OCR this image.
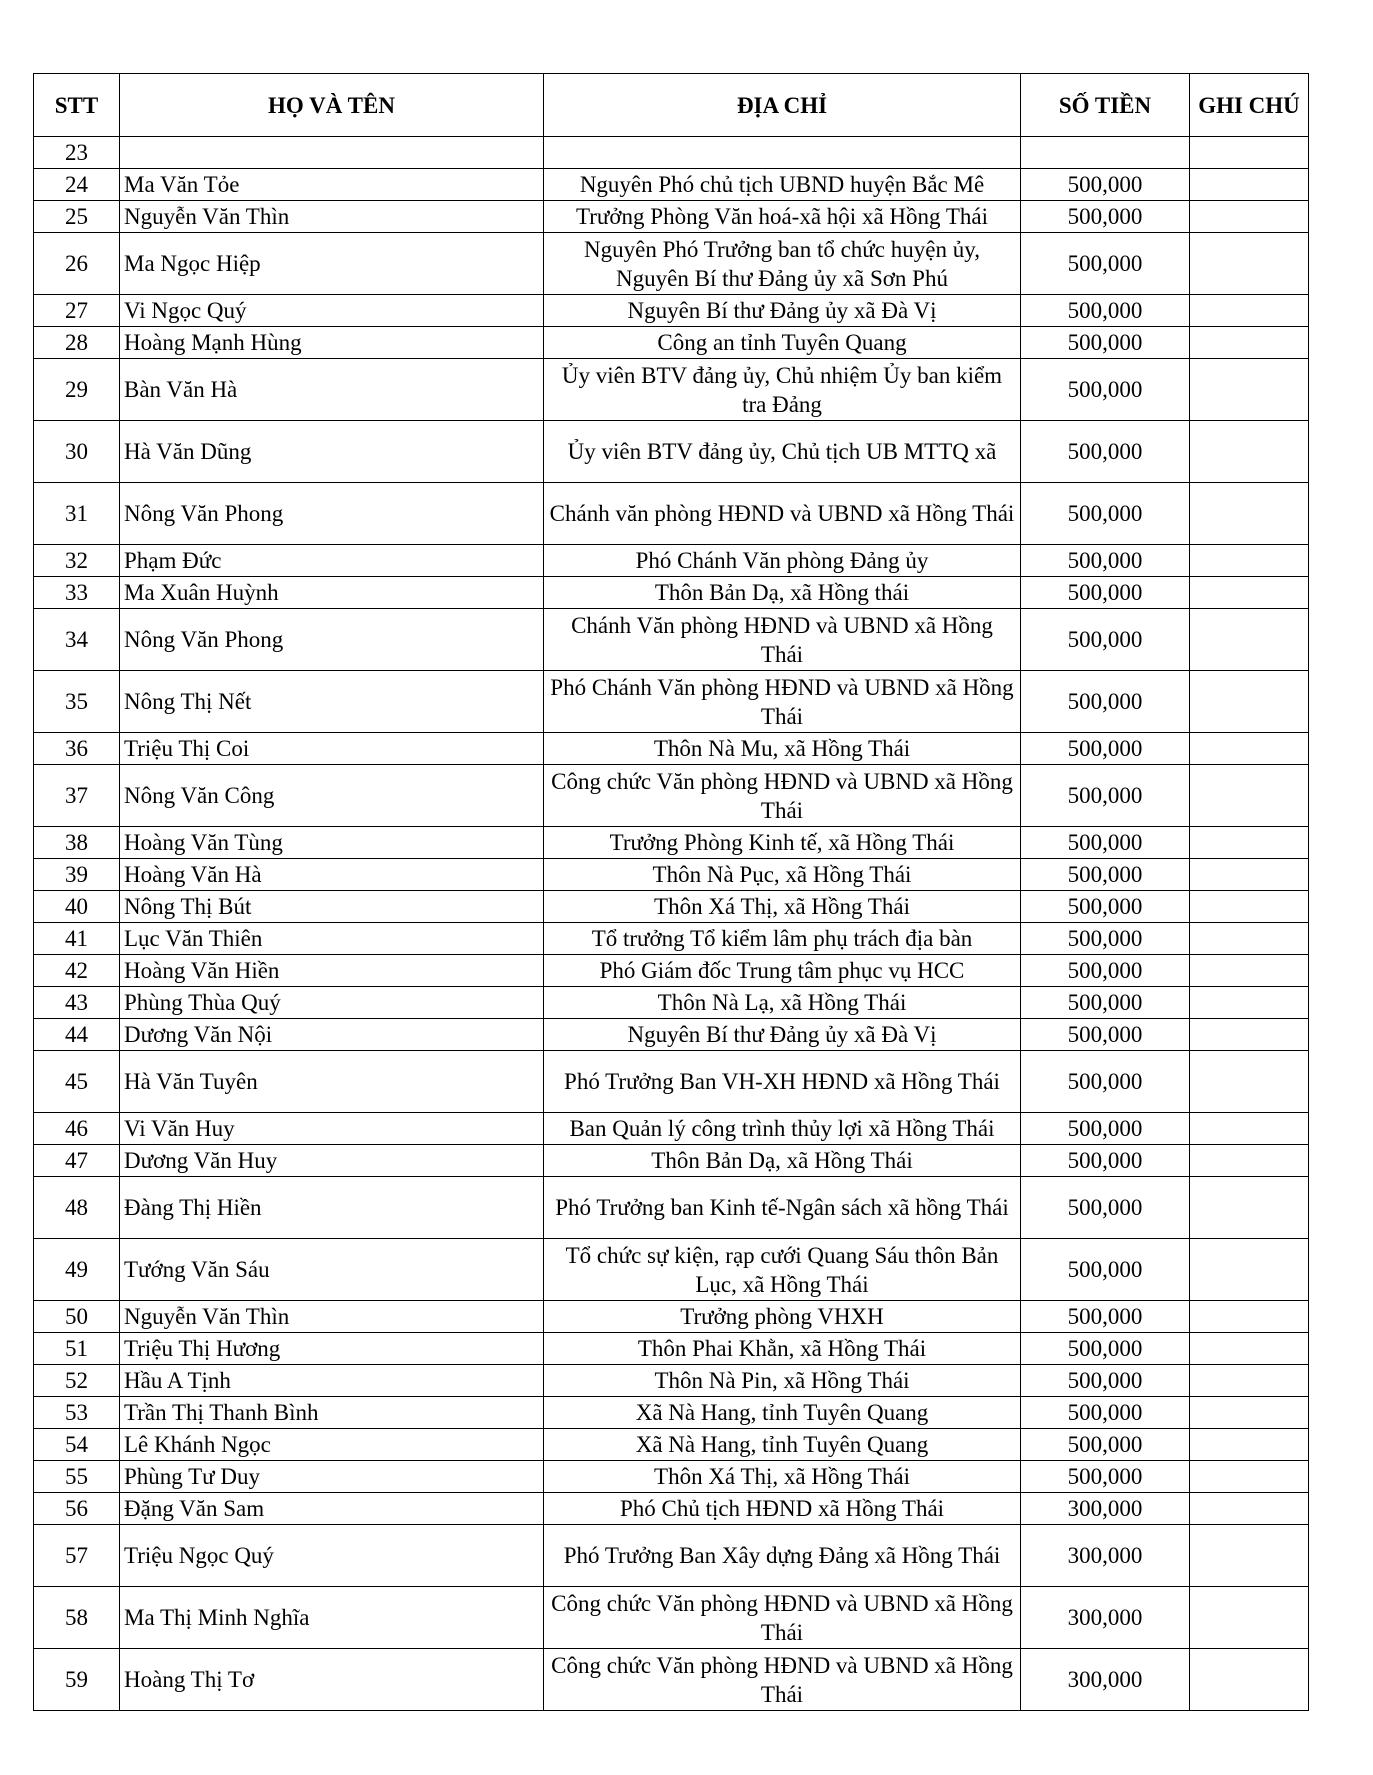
STT	HỌ VÀ TÊN	ĐỊA CHỈ	SỐ TIỀN	GHI CHÚ
23				
24	Ma Văn Tỏe	Nguyên Phó chủ tịch UBND huyện Bắc Mê	500,000	
25	Nguyễn Văn Thìn	Trưởng Phòng Văn hoá-xã hội xã Hồng Thái	500,000	
26	Ma Ngọc Hiệp	Nguyên Phó Trưởng ban tổ chức huyện ủy, Nguyên Bí thư Đảng ủy xã Sơn Phú	500,000	
27	Vi Ngọc Quý	Nguyên Bí thư Đảng ủy xã Đà Vị	500,000	
28	Hoàng Mạnh Hùng	Công an tỉnh Tuyên Quang	500,000	
29	Bàn Văn Hà	Ủy viên BTV đảng ủy, Chủ nhiệm Ủy ban kiểm tra Đảng	500,000	
30	Hà Văn Dũng	Ủy viên BTV đảng ủy, Chủ tịch UB MTTQ xã	500,000	
31	Nông Văn Phong	Chánh văn phòng HĐND và UBND xã Hồng Thái	500,000	
32	Phạm Đức	Phó Chánh Văn phòng Đảng ủy	500,000	
33	Ma Xuân Huỳnh	Thôn Bản Dạ, xã Hồng thái	500,000	
34	Nông Văn Phong	Chánh Văn phòng HĐND và UBND xã Hồng Thái	500,000	
35	Nông Thị Nết	Phó Chánh Văn phòng HĐND và UBND xã Hồng Thái	500,000	
36	Triệu Thị Coi	Thôn Nà Mu, xã Hồng Thái	500,000	
37	Nông Văn Công	Công chức Văn phòng HĐND và UBND xã Hồng Thái	500,000	
38	Hoàng Văn Tùng	Trưởng Phòng Kinh tế, xã Hồng Thái	500,000	
39	Hoàng Văn Hà	Thôn Nà Pục, xã Hồng Thái	500,000	
40	Nông Thị Bút	Thôn Xá Thị, xã Hồng Thái	500,000	
41	Lục Văn Thiên	Tổ trưởng Tổ kiểm lâm phụ trách địa bàn	500,000	
42	Hoàng Văn Hiền	Phó Giám đốc Trung tâm phục vụ HCC	500,000	
43	Phùng Thùa Quý	Thôn Nà Lạ, xã Hồng Thái	500,000	
44	Dương Văn Nội	Nguyên Bí thư Đảng ủy xã Đà Vị	500,000	
45	Hà Văn Tuyên	Phó Trưởng Ban VH-XH HĐND xã Hồng Thái	500,000	
46	Vi Văn Huy	Ban Quản lý công trình thủy lợi xã Hồng Thái	500,000	
47	Dương Văn Huy	Thôn Bản Dạ, xã Hồng Thái	500,000	
48	Đàng Thị Hiền	Phó Trưởng ban Kinh tế-Ngân sách xã hồng Thái	500,000	
49	Tướng Văn Sáu	Tổ chức sự kiện, rạp cưới Quang Sáu thôn Bản Lục, xã Hồng Thái	500,000	
50	Nguyễn Văn Thìn	Trưởng phòng VHXH	500,000	
51	Triệu Thị Hương	Thôn Phai Khằn, xã Hồng Thái	500,000	
52	Hầu A Tịnh	Thôn Nà Pin, xã Hồng Thái	500,000	
53	Trần Thị Thanh Bình	Xã Nà Hang, tỉnh Tuyên Quang	500,000	
54	Lê Khánh Ngọc	Xã Nà Hang, tỉnh Tuyên Quang	500,000	
55	Phùng Tư Duy	Thôn Xá Thị, xã Hồng Thái	500,000	
56	Đặng Văn Sam	Phó Chủ tịch HĐND xã Hồng Thái	300,000	
57	Triệu Ngọc Quý	Phó Trưởng Ban Xây dựng Đảng xã Hồng Thái	300,000	
58	Ma Thị Minh Nghĩa	Công chức Văn phòng HĐND và UBND xã Hồng Thái	300,000	
59	Hoàng Thị Tơ	Công chức Văn phòng HĐND và UBND xã Hồng Thái	300,000	
